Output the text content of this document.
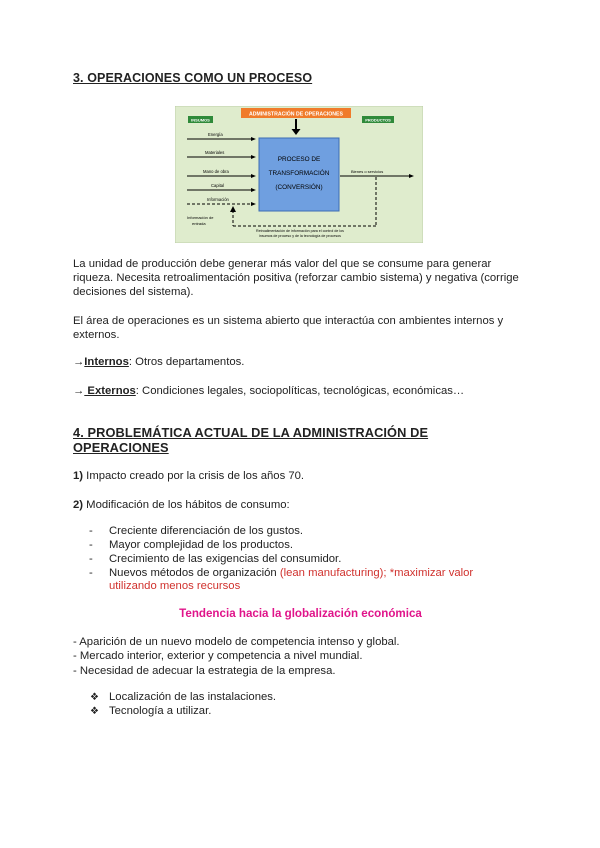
3. OPERACIONES COMO UN PROCESO
ADMINISTRACIÓN DE OPERACIONES
INSUMOS	PRODUCTOS
Energía
Materiales
Mano de obra
Capital
Información
PROCESO DE
TRANSFORMACIÓN
(CONVERSIÓN)
Bienes o servicios
Información de
entrada
Retroalimentación de información para el control de los
insumos de proceso y de la tecnología de procesos
La unidad de producción debe generar más valor del que se consume para generar riqueza. Necesita retroalimentación positiva (reforzar cambio sistema) y negativa (corrige decisiones del sistema).
El área de operaciones es un sistema abierto que interactúa con ambientes internos y externos.
→Internos: Otros departamentos.
→ Externos: Condiciones legales, sociopolíticas, tecnológicas, económicas…
4. PROBLEMÁTICA ACTUAL DE LA ADMINISTRACIÓN DE
OPERACIONES
1) Impacto creado por la crisis de los años 70.
2) Modificación de los hábitos de consumo:
- Creciente diferenciación de los gustos.
- Mayor complejidad de los productos.
- Crecimiento de las exigencias del consumidor.
- Nuevos métodos de organización (lean manufacturing); *maximizar valor
utilizando menos recursos
Tendencia hacia la globalización económica
- Aparición de un nuevo modelo de competencia intenso y global.
- Mercado interior, exterior y competencia a nivel mundial.
- Necesidad de adecuar la estrategia de la empresa.
❖ Localización de las instalaciones.
❖ Tecnología a utilizar.
